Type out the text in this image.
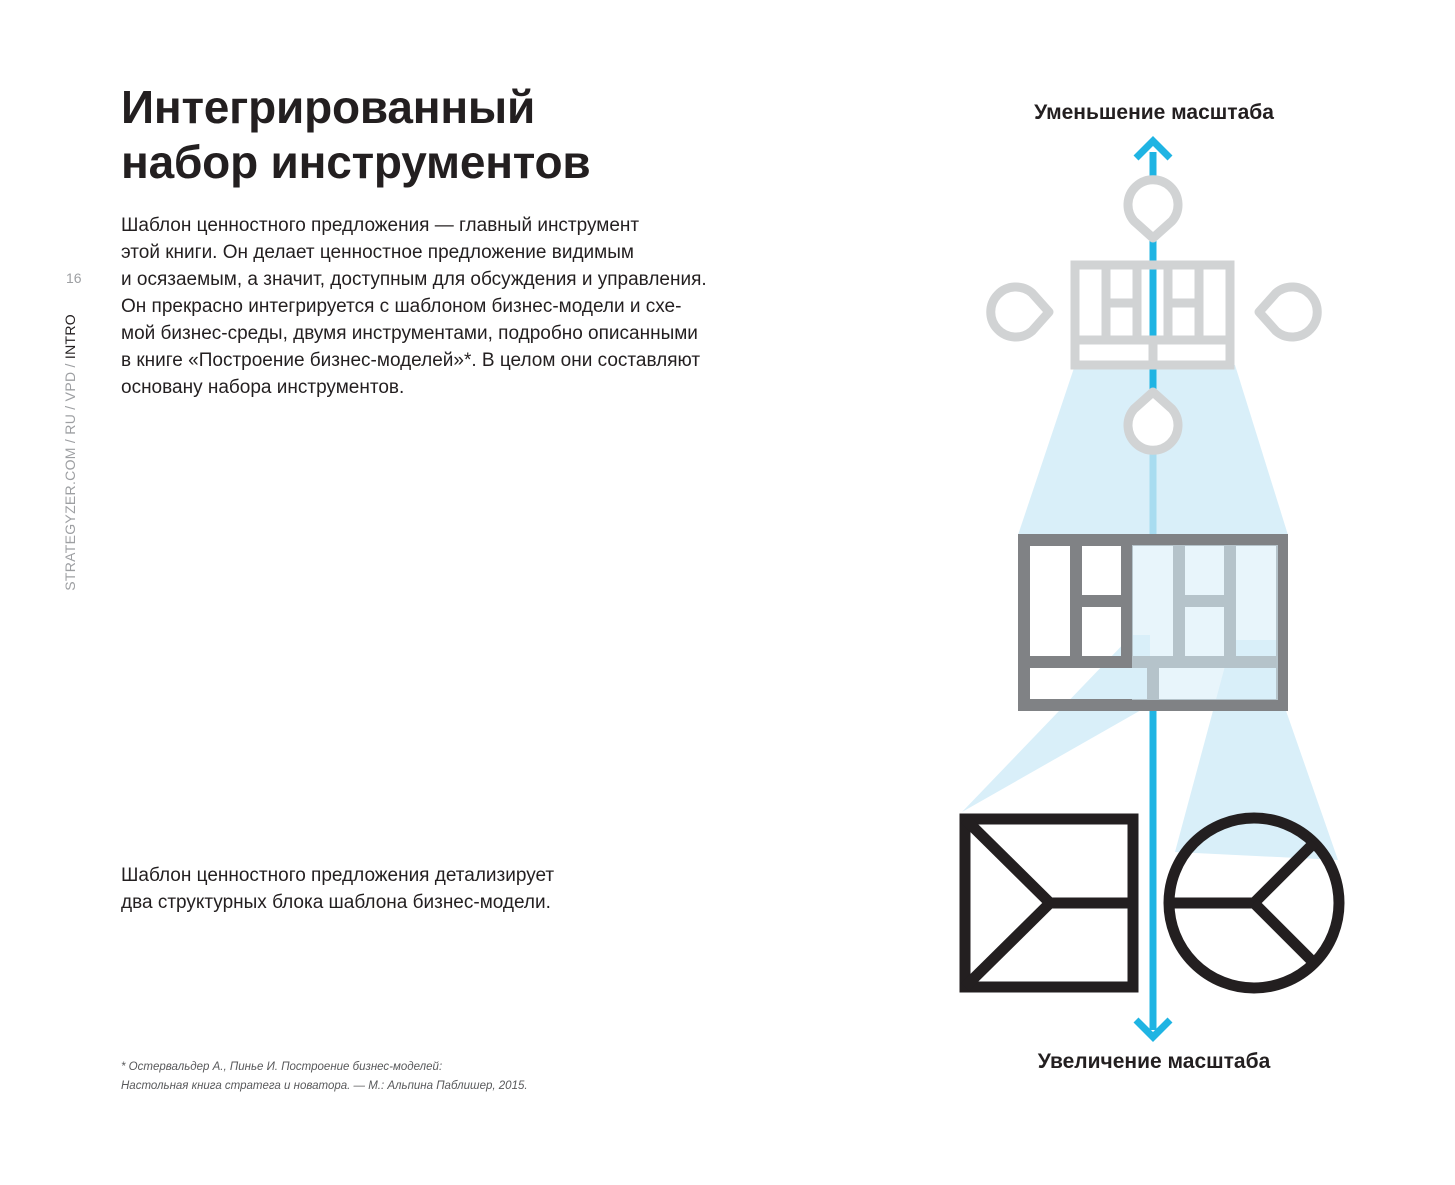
16
STRATEGYZER.COM / RU / VPD / INTRO
Интегрированный
набор инструментов

Шаблон ценностного предложения — главный инструмент
этой книги. Он делает ценностное предложение видимым
и осязаемым, а значит, доступным для обсуждения и управления.
Он прекрасно интегрируется с шаблоном бизнес-модели и схе-
мой бизнес-среды, двумя инструментами, подробно описанными
в книге «Построение бизнес-моделей»*. В целом они составляют
основану набора инструментов.

Шаблон ценностного предложения детализирует
два структурных блока шаблона бизнес-модели.

* Остервальдер А., Пинье И. Построение бизнес-моделей:
Настольная книга стратега и новатора. — М.: Альпина Паблишер, 2015.

Уменьшение масштаба
Увеличение масштаба
